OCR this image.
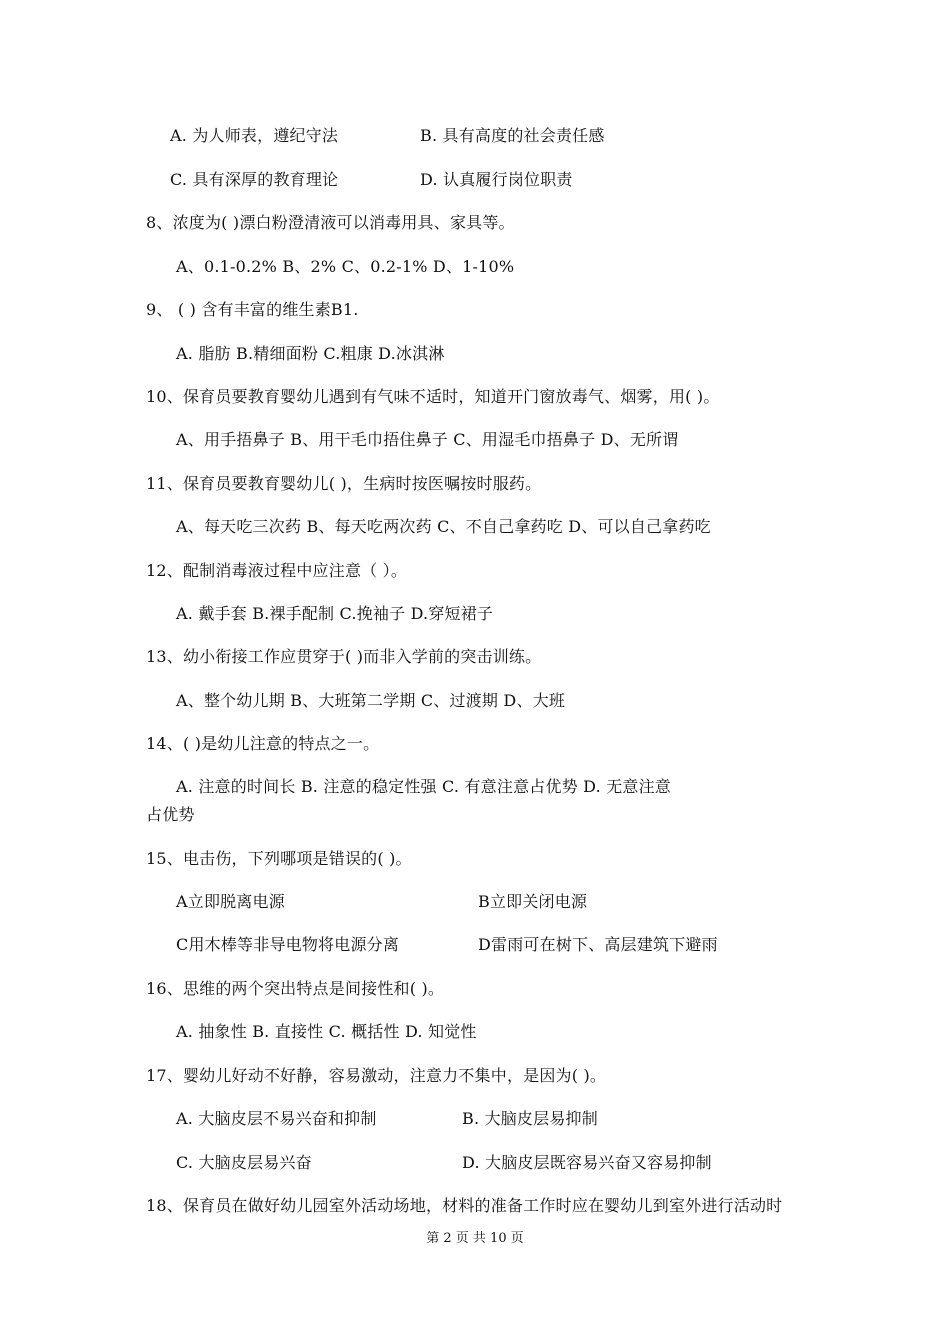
A. 为人师表，遵纪守法	B. 具有高度的社会责任感
C. 具有深厚的教育理论	D. 认真履行岗位职责
8、浓度为( )漂白粉澄清液可以消毒用具、家具等。
A、0.1-0.2% B、2% C、0.2-1% D、1-10%
9、 ( ) 含有丰富的维生素B1.
A. 脂肪 B.精细面粉 C.粗康 D.冰淇淋
10、保育员要教育婴幼儿遇到有气味不适时，知道开门窗放毒气、烟雾，用( )。
A、用手捂鼻子 B、用干毛巾捂住鼻子 C、用湿毛巾捂鼻子 D、无所谓
11、保育员要教育婴幼儿( )，生病时按医嘱按时服药。
A、每天吃三次药 B、每天吃两次药 C、不自己拿药吃 D、可以自己拿药吃
12、配制消毒液过程中应注意（ ）。
A. 戴手套 B.裸手配制 C.挽袖子 D.穿短裙子
13、幼小衔接工作应贯穿于( )而非入学前的突击训练。
A、整个幼儿期 B、大班第二学期 C、过渡期 D、大班
14、( )是幼儿注意的特点之一。
A. 注意的时间长 B. 注意的稳定性强 C. 有意注意占优势 D. 无意注意
占优势
15、电击伤，下列哪项是错误的( )。
A立即脱离电源	B立即关闭电源
C用木棒等非导电物将电源分离	D雷雨可在树下、高层建筑下避雨
16、思维的两个突出特点是间接性和( )。
A. 抽象性 B. 直接性 C. 概括性 D. 知觉性
17、婴幼儿好动不好静，容易激动，注意力不集中，是因为( )。
A. 大脑皮层不易兴奋和抑制	B. 大脑皮层易抑制
C. 大脑皮层易兴奋	D. 大脑皮层既容易兴奋又容易抑制
18、保育员在做好幼儿园室外活动场地，材料的准备工作时应在婴幼儿到室外进行活动时
第 2 页 共 10 页
